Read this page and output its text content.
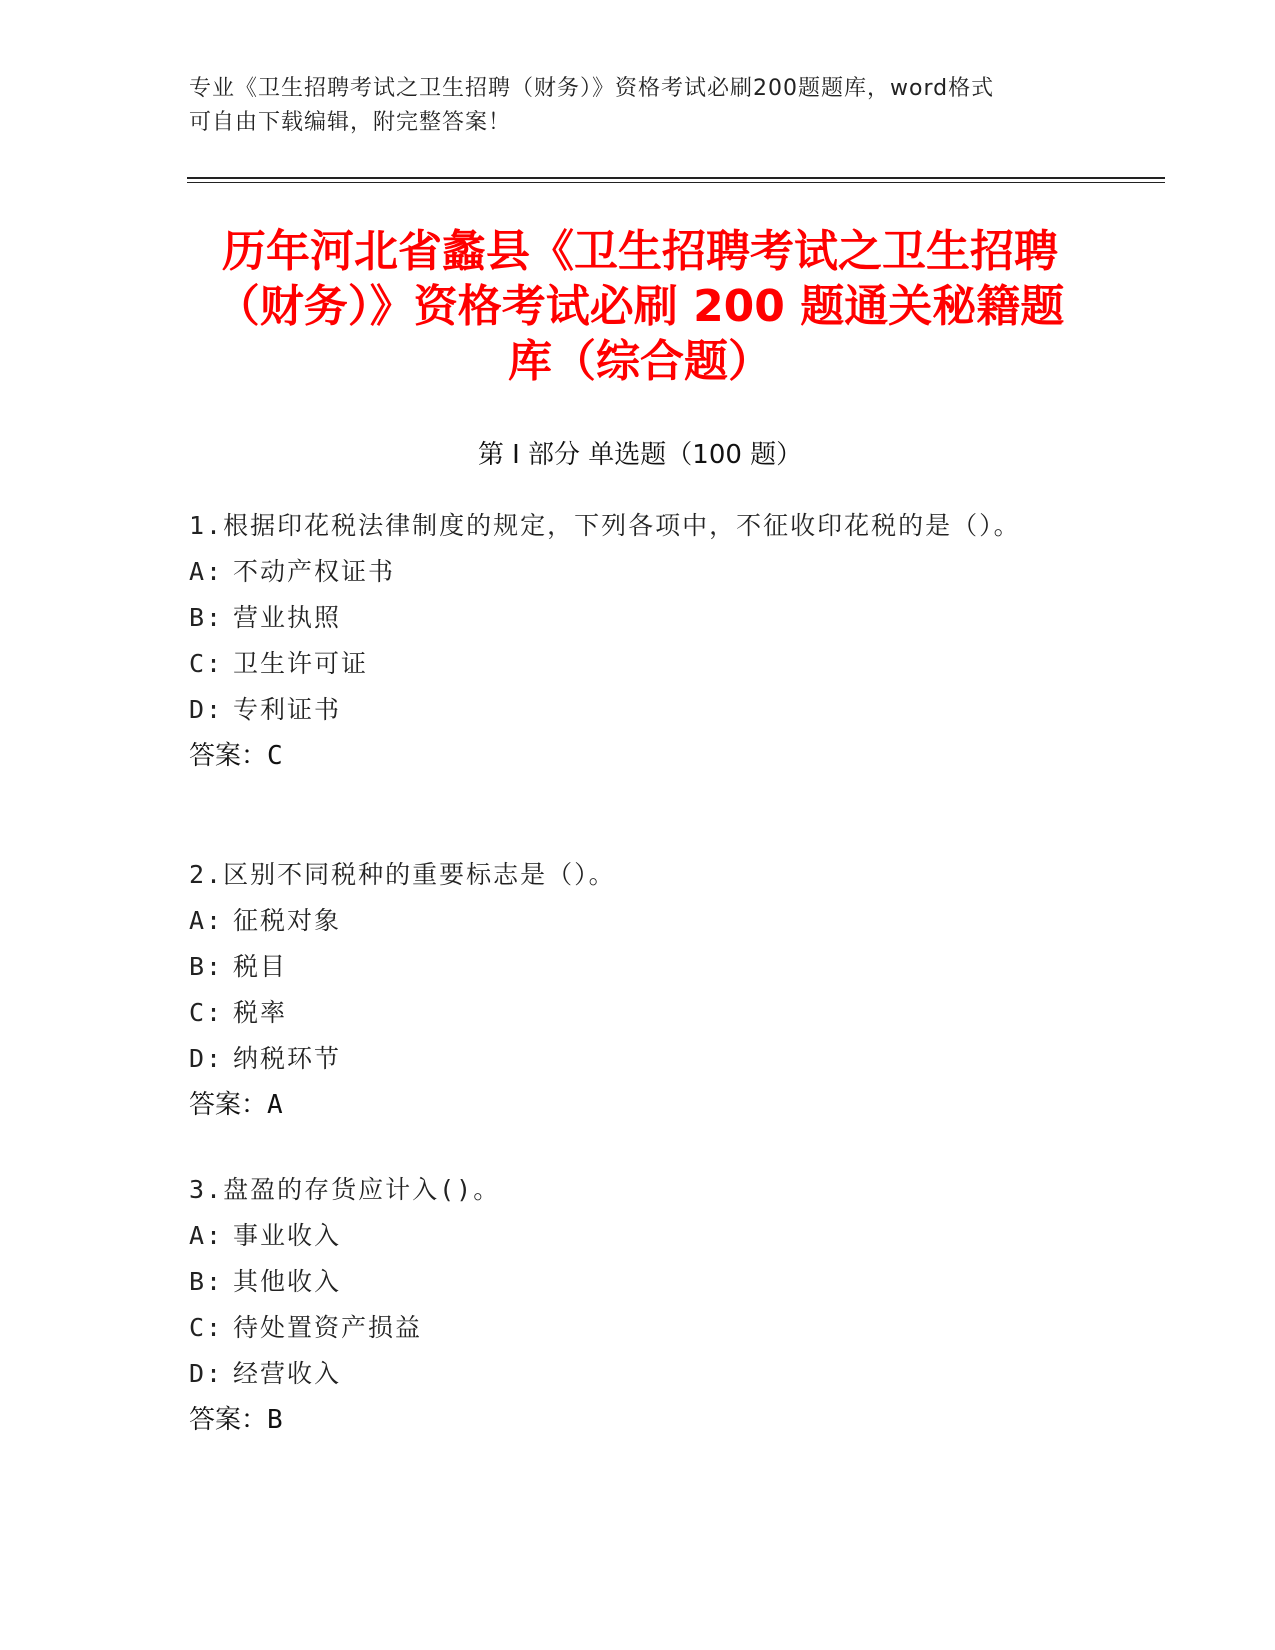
专业《卫生招聘考试之卫生招聘（财务）》资格考试必刷200题题库，word格式
可自由下载编辑，附完整答案！
历年河北省蠡县《卫生招聘考试之卫生招聘
（财务）》资格考试必刷 200 题通关秘籍题
库（综合题）
第 I 部分 单选题（100 题）
1.根据印花税法律制度的规定，下列各项中，不征收印花税的是（）。
A: 不动产权证书
B: 营业执照
C: 卫生许可证
D: 专利证书
答案：C
2.区别不同税种的重要标志是（）。
A: 征税对象
B: 税目
C: 税率
D: 纳税环节
答案：A
3.盘盈的存货应计入()。
A: 事业收入
B: 其他收入
C: 待处置资产损益
D: 经营收入
答案：B
